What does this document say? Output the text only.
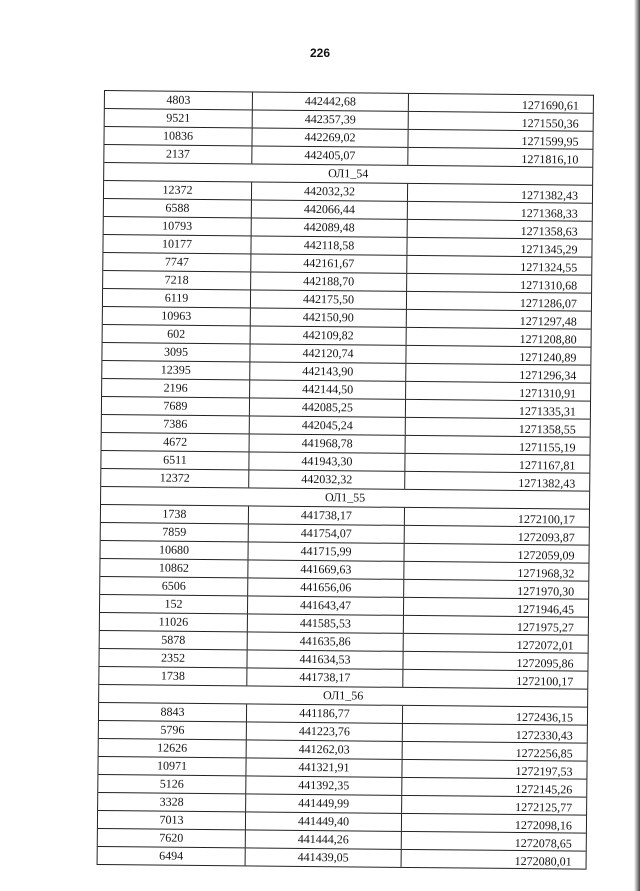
226
4803	442442,68	1271690,61
9521	442357,39	1271550,36
10836	442269,02	1271599,95
2137	442405,07	1271816,10
ОЛ1_54
12372	442032,32	1271382,43
6588	442066,44	1271368,33
10793	442089,48	1271358,63
10177	442118,58	1271345,29
7747	442161,67	1271324,55
7218	442188,70	1271310,68
6119	442175,50	1271286,07
10963	442150,90	1271297,48
602	442109,82	1271208,80
3095	442120,74	1271240,89
12395	442143,90	1271296,34
2196	442144,50	1271310,91
7689	442085,25	1271335,31
7386	442045,24	1271358,55
4672	441968,78	1271155,19
6511	441943,30	1271167,81
12372	442032,32	1271382,43
ОЛ1_55
1738	441738,17	1272100,17
7859	441754,07	1272093,87
10680	441715,99	1272059,09
10862	441669,63	1271968,32
6506	441656,06	1271970,30
152	441643,47	1271946,45
11026	441585,53	1271975,27
5878	441635,86	1272072,01
2352	441634,53	1272095,86
1738	441738,17	1272100,17
ОЛ1_56
8843	441186,77	1272436,15
5796	441223,76	1272330,43
12626	441262,03	1272256,85
10971	441321,91	1272197,53
5126	441392,35	1272145,26
3328	441449,99	1272125,77
7013	441449,40	1272098,16
7620	441444,26	1272078,65
6494	441439,05	1272080,01
